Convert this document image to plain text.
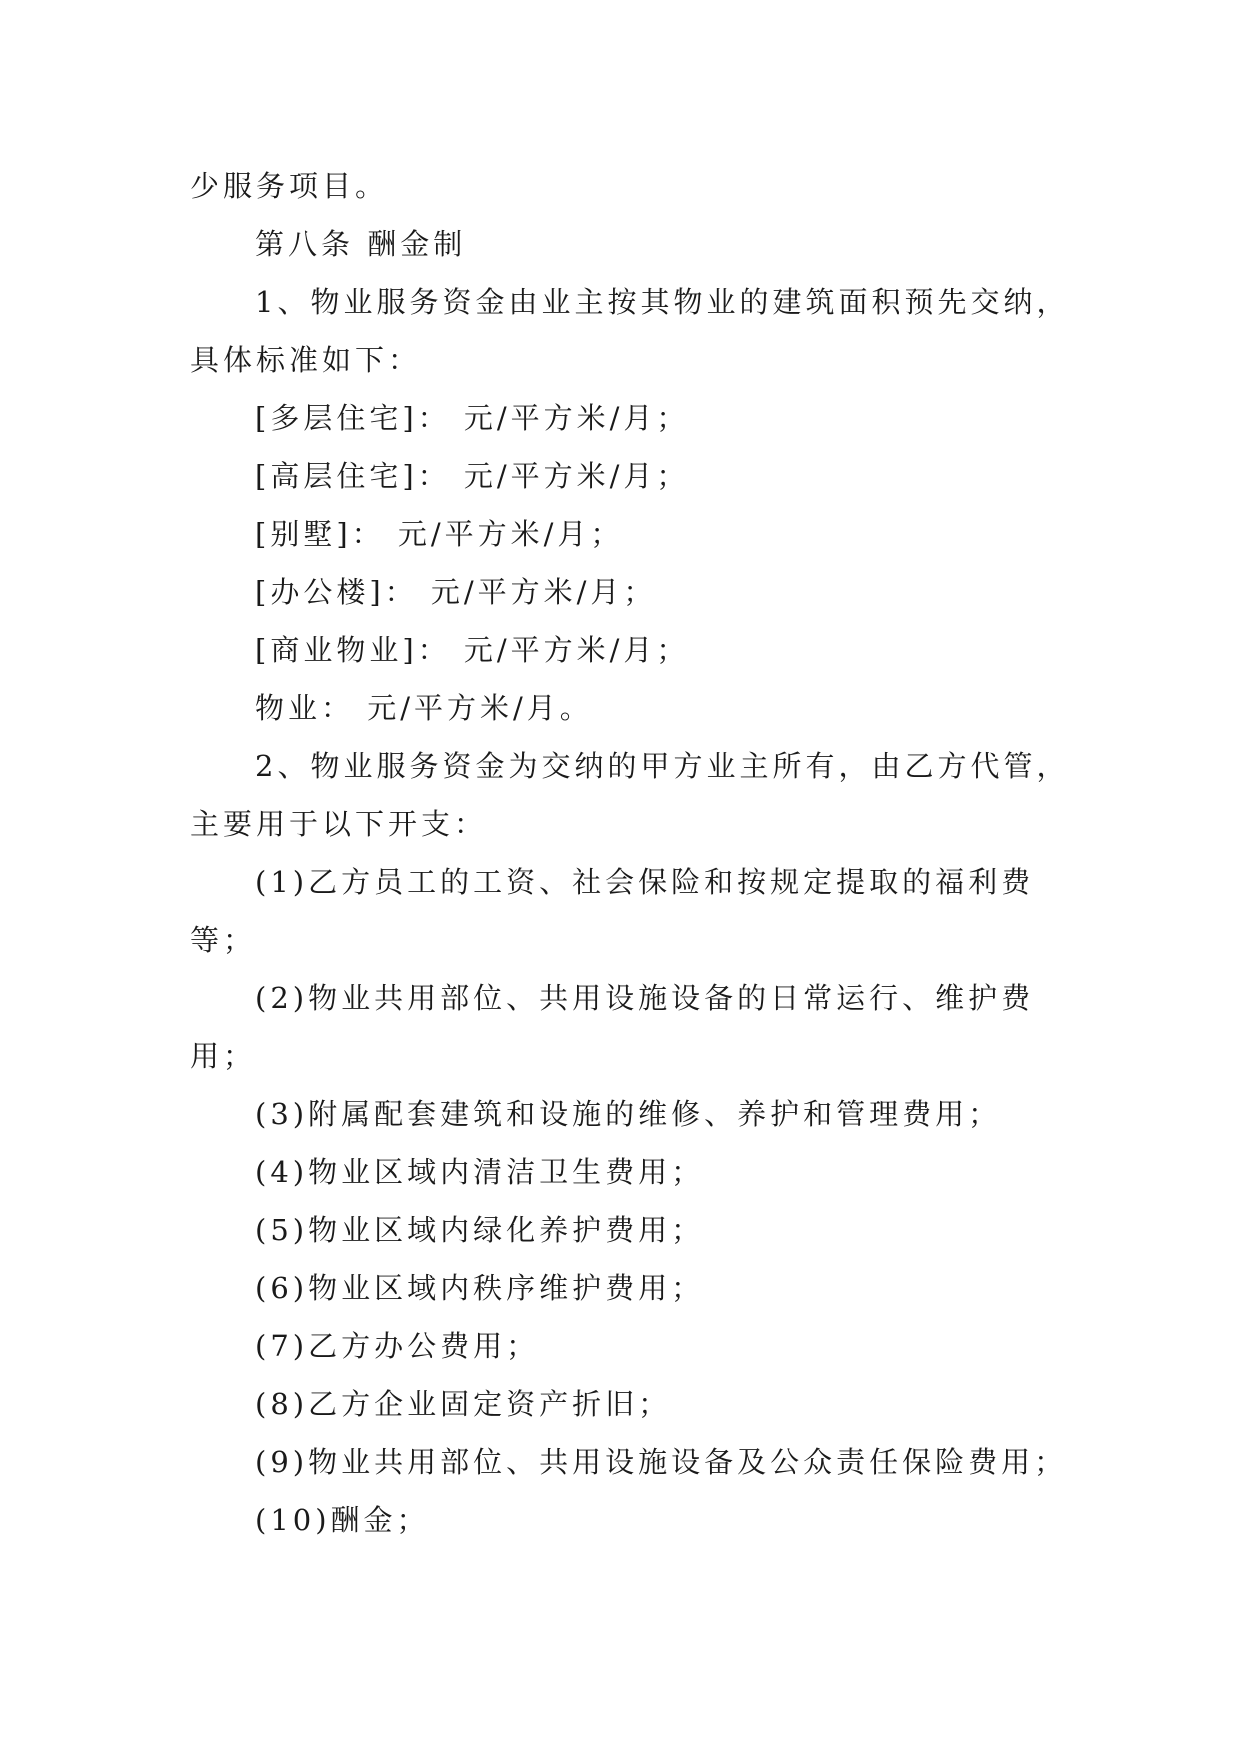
少服务项目。

第八条 酬金制

1、物业服务资金由业主按其物业的建筑面积预先交纳，

具体标准如下：

[多层住宅]： 元/平方米/月；

[高层住宅]： 元/平方米/月；

[别墅]： 元/平方米/月；

[办公楼]： 元/平方米/月；

[商业物业]： 元/平方米/月；

物业： 元/平方米/月。

2、物业服务资金为交纳的甲方业主所有，由乙方代管，

主要用于以下开支：

(1)乙方员工的工资、社会保险和按规定提取的福利费

等；

(2)物业共用部位、共用设施设备的日常运行、维护费

用；

(3)附属配套建筑和设施的维修、养护和管理费用；

(4)物业区域内清洁卫生费用；

(5)物业区域内绿化养护费用；

(6)物业区域内秩序维护费用；

(7)乙方办公费用；

(8)乙方企业固定资产折旧；

(9)物业共用部位、共用设施设备及公众责任保险费用；

(10)酬金；
